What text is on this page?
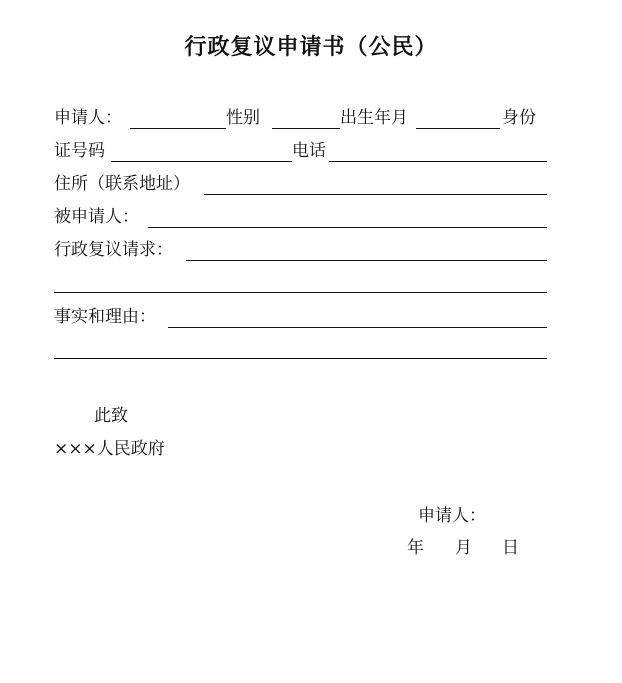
行政复议申请书（公民）
申请人：	性别	出生年月	身份
证号码	电话
住所（联系地址）
被申请人：
行政复议请求：
事实和理由：
此致
×××人民政府
申请人：
年 月 日
